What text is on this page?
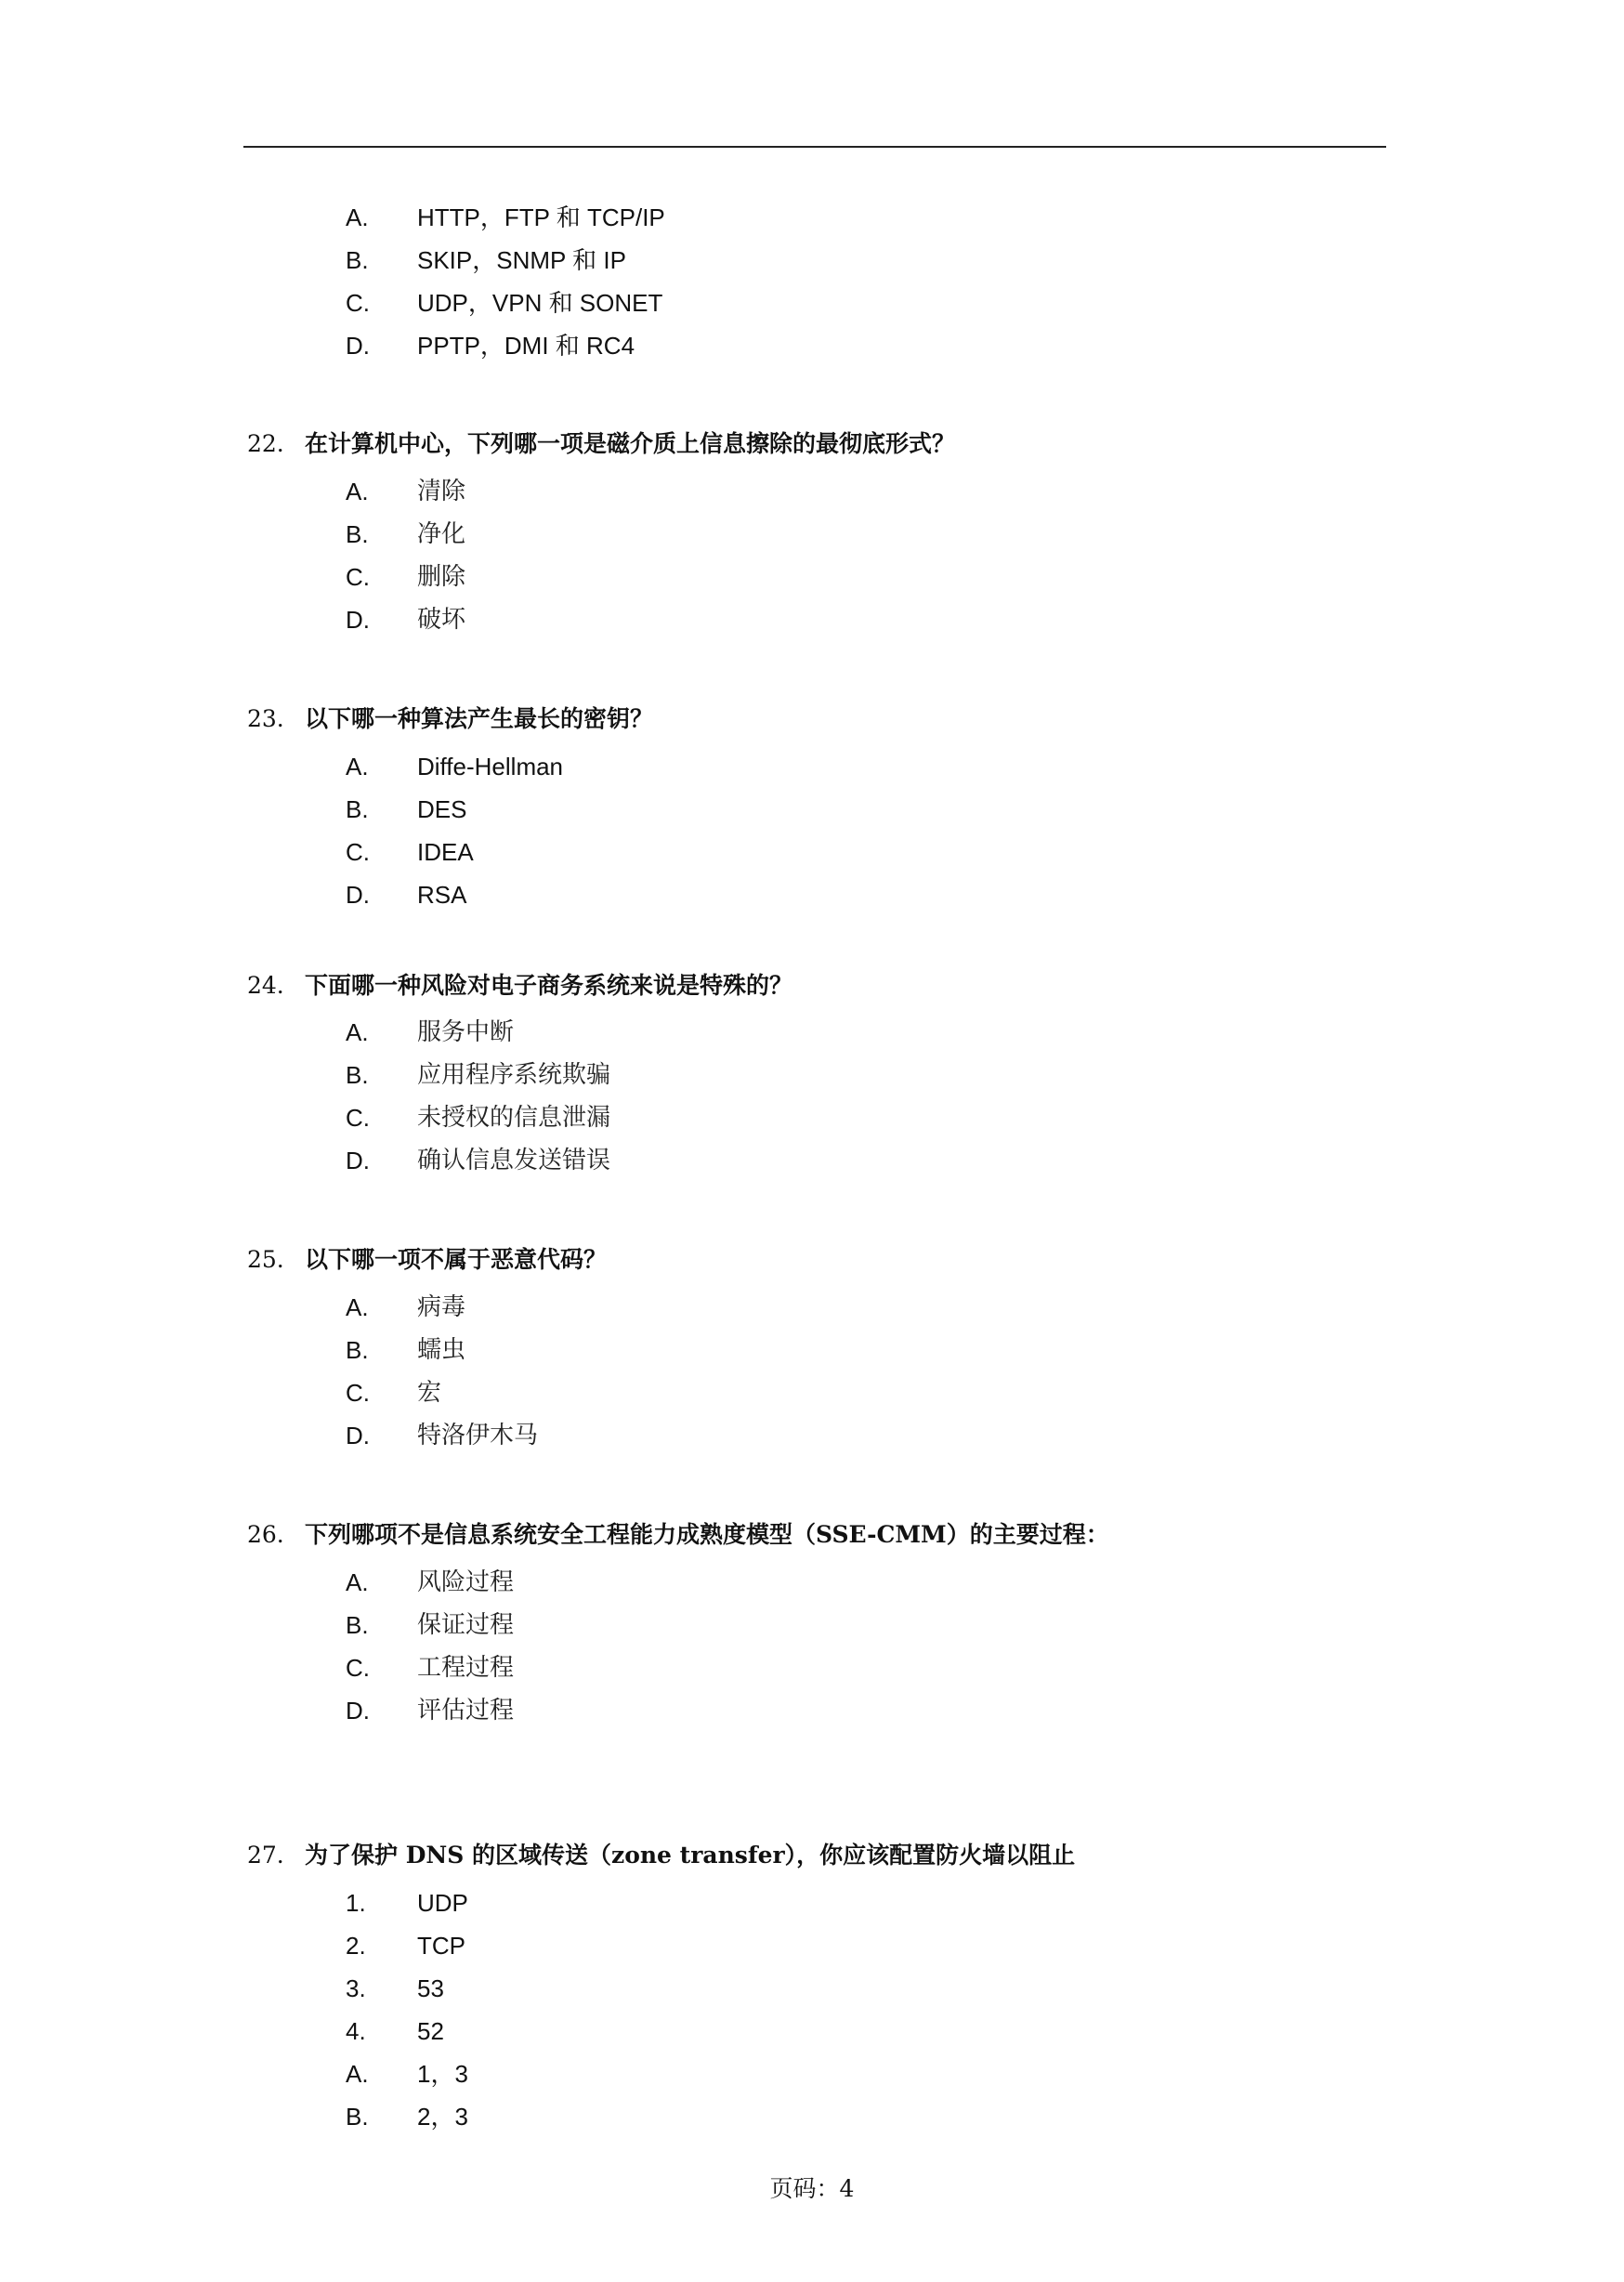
A. HTTP，FTP 和 TCP/IP
B. SKIP，SNMP 和 IP
C. UDP，VPN 和 SONET
D. PPTP，DMI 和 RC4
22. 在计算机中心，下列哪一项是磁介质上信息擦除的最彻底形式？
A. 清除
B. 净化
C. 删除
D. 破坏
23. 以下哪一种算法产生最长的密钥？
A. Diffe-Hellman
B. DES
C. IDEA
D. RSA
24. 下面哪一种风险对电子商务系统来说是特殊的？
A. 服务中断
B. 应用程序系统欺骗
C. 未授权的信息泄漏
D. 确认信息发送错误
25. 以下哪一项不属于恶意代码？
A. 病毒
B. 蠕虫
C. 宏
D. 特洛伊木马
26. 下列哪项不是信息系统安全工程能力成熟度模型（SSE-CMM）的主要过程：
A. 风险过程
B. 保证过程
C. 工程过程
D. 评估过程
27. 为了保护 DNS 的区域传送（zone transfer），你应该配置防火墙以阻止
1. UDP
2. TCP
3. 53
4. 52
A. 1，3
B. 2，3
页码：4
